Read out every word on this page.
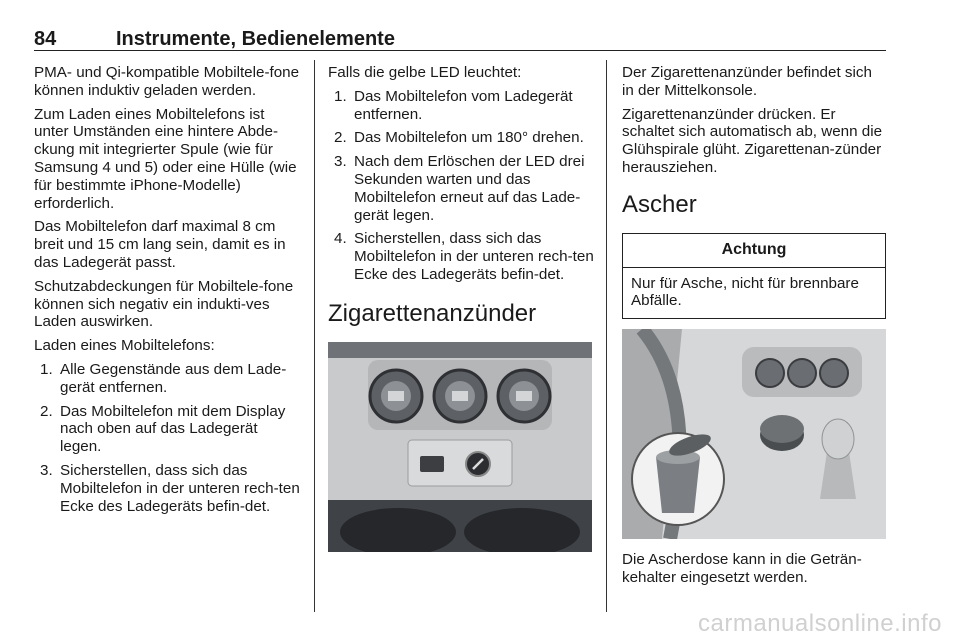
84	Instrumente, Bedienelemente

PMA- und Qi-kompatible Mobiltele-fone können induktiv geladen werden.

Zum Laden eines Mobiltelefons ist unter Umständen eine hintere Abde-ckung mit integrierter Spule (wie für Samsung 4 und 5) oder eine Hülle (wie für bestimmte iPhone-Modelle) erforderlich.

Das Mobiltelefon darf maximal 8 cm breit und 15 cm lang sein, damit es in das Ladegerät passt.

Schutzabdeckungen für Mobiltele-fone können sich negativ ein indukti-ves Laden auswirken.

Laden eines Mobiltelefons:

1. Alle Gegenstände aus dem Lade-gerät entfernen.
2. Das Mobiltelefon mit dem Display nach oben auf das Ladegerät legen.
3. Sicherstellen, dass sich das Mobiltelefon in der unteren rech-ten Ecke des Ladegeräts befin-det.

Falls die gelbe LED leuchtet:

1. Das Mobiltelefon vom Ladegerät entfernen.
2. Das Mobiltelefon um 180° drehen.
3. Nach dem Erlöschen der LED drei Sekunden warten und das Mobiltelefon erneut auf das Lade-gerät legen.
4. Sicherstellen, dass sich das Mobiltelefon in der unteren rech-ten Ecke des Ladegeräts befin-det.
Zigarettenanzünder

Der Zigarettenanzünder befindet sich in der Mittelkonsole.

Zigarettenanzünder drücken. Er schaltet sich automatisch ab, wenn die Glühspirale glüht. Zigarettenan-zünder herausziehen.

Ascher
Achtung
Nur für Asche, nicht für brennbare Abfälle.

Die Ascherdose kann in die Geträn-kehalter eingesetzt werden.

carmanualsonline.info
